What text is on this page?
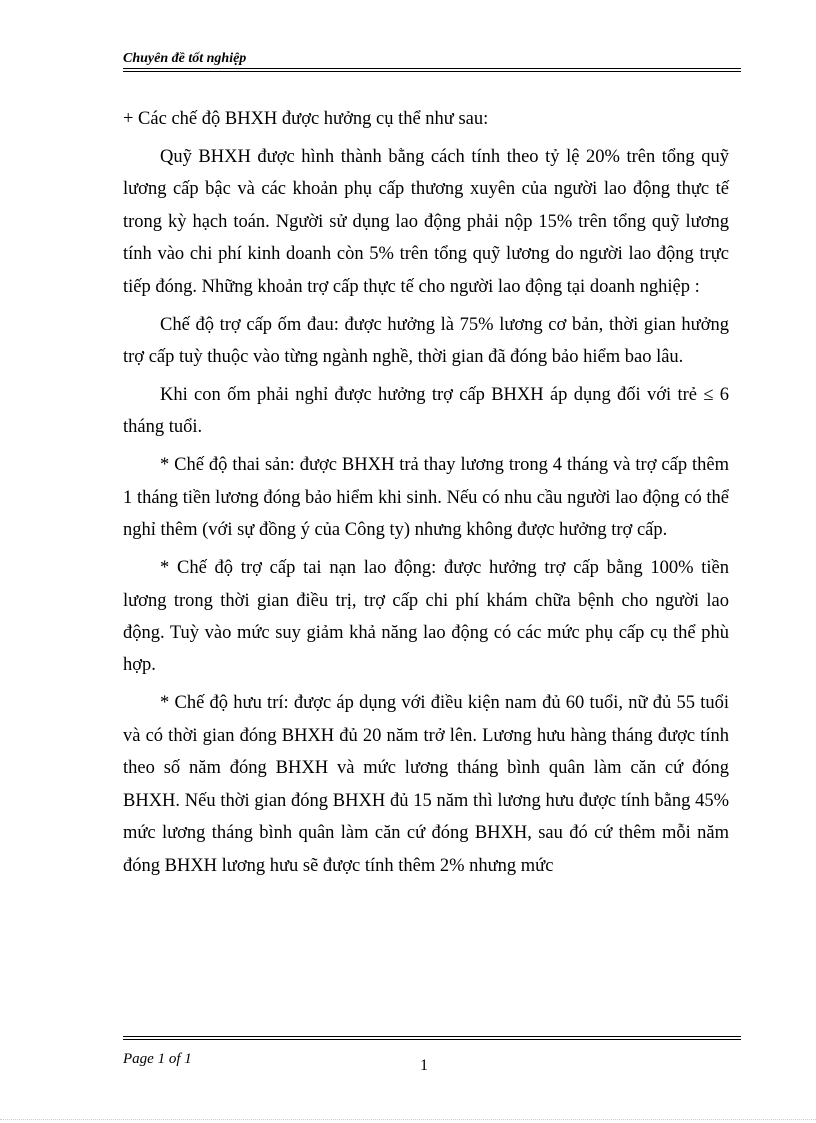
Chuyên đề tốt nghiệp

+ Các chế độ BHXH được hưởng cụ thể như sau:

Quỹ BHXH được hình thành bằng cách tính theo tỷ lệ 20% trên tổng quỹ lương cấp bậc và các khoản phụ cấp thương xuyên của người lao động thực tế trong kỳ hạch toán. Người sử dụng lao động phải nộp 15% trên tổng quỹ lương tính vào chi phí kinh doanh còn 5% trên tổng quỹ lương do người lao động trực tiếp đóng. Những khoản trợ cấp thực tế cho người lao động tại doanh nghiệp :

Chế độ trợ cấp ốm đau: được hưởng là 75% lương cơ bản, thời gian hưởng trợ cấp tuỳ thuộc vào từng ngành nghề, thời gian đã đóng bảo hiểm bao lâu.

Khi con ốm phải nghỉ được hưởng trợ cấp BHXH áp dụng đối với trẻ ≤ 6 tháng tuổi.

* Chế độ thai sản: được BHXH trả thay lương trong 4 tháng và trợ cấp thêm 1 tháng tiền lương đóng bảo hiểm khi sinh. Nếu có nhu cầu người lao động có thể nghỉ thêm (với sự đồng ý của Công ty) nhưng không được hưởng trợ cấp.

* Chế độ trợ cấp tai nạn lao động: được hưởng trợ cấp bằng 100% tiền lương trong thời gian điều trị, trợ cấp chi phí khám chữa bệnh cho người lao động. Tuỳ vào mức suy giảm khả năng lao động có các mức phụ cấp cụ thể phù hợp.

* Chế độ hưu trí: được áp dụng với điều kiện nam đủ 60 tuổi, nữ đủ 55 tuổi và có thời gian đóng BHXH đủ 20 năm trở lên. Lương hưu hàng tháng được tính theo số năm đóng BHXH và mức lương tháng bình quân làm căn cứ đóng BHXH. Nếu thời gian đóng BHXH đủ 15 năm thì lương hưu được tính bằng 45% mức lương tháng bình quân làm căn cứ đóng BHXH, sau đó cứ thêm mỗi năm đóng BHXH lương hưu sẽ được tính thêm 2% nhưng mức

Page 1 of 1	1
